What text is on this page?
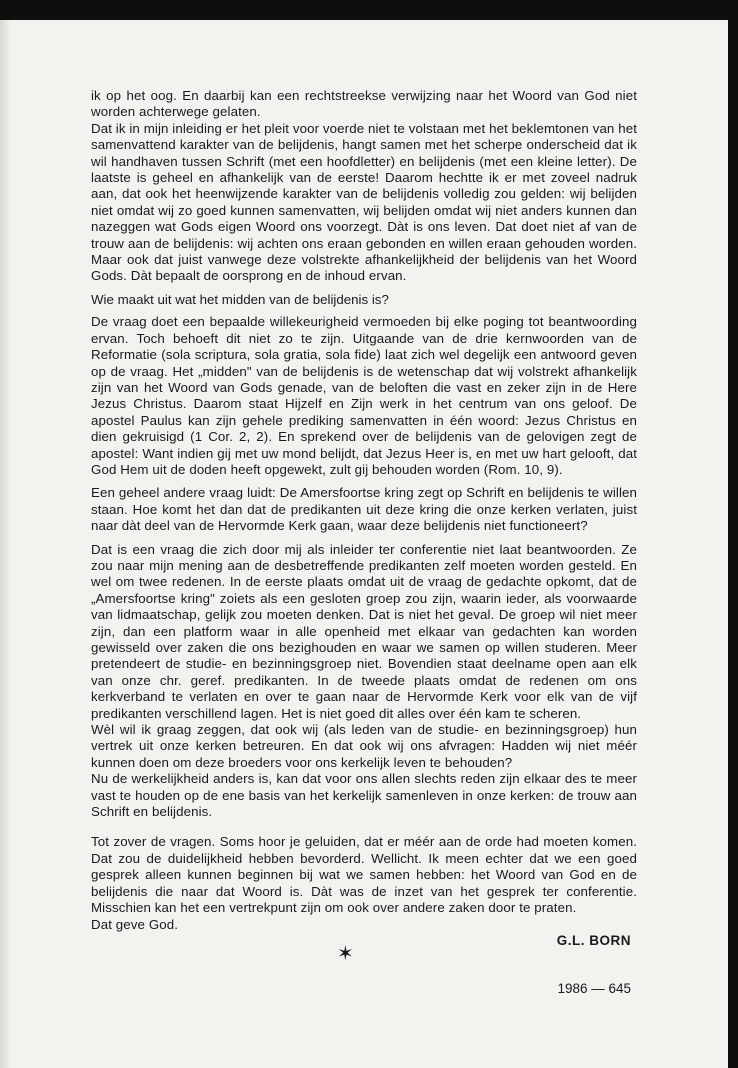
ik op het oog. En daarbij kan een rechtstreekse verwijzing naar het Woord van God niet worden achterwege gelaten.

Dat ik in mijn inleiding er het pleit voor voerde niet te volstaan met het beklemtonen van het samenvattend karakter van de belijdenis, hangt samen met het scherpe onderscheid dat ik wil handhaven tussen Schrift (met een hoofdletter) en belijdenis (met een kleine letter). De laatste is geheel en afhankelijk van de eerste! Daarom hechtte ik er met zoveel nadruk aan, dat ook het heenwijzende karakter van de belijdenis volledig zou gelden: wij belijden niet omdat wij zo goed kunnen samenvatten, wij belijden omdat wij niet anders kunnen dan nazeggen wat Gods eigen Woord ons voorzegt. Dàt is ons leven. Dat doet niet af van de trouw aan de belijdenis: wij achten ons eraan gebonden en willen eraan gehouden worden. Maar ook dat juist vanwege deze volstrekte afhankelijkheid der belijdenis van het Woord Gods. Dàt bepaalt de oorsprong en de inhoud ervan.

Wie maakt uit wat het midden van de belijdenis is?

De vraag doet een bepaalde willekeurigheid vermoeden bij elke poging tot beantwoording ervan. Toch behoeft dit niet zo te zijn. Uitgaande van de drie kernwoorden van de Reformatie (sola scriptura, sola gratia, sola fide) laat zich wel degelijk een antwoord geven op de vraag. Het „midden" van de belijdenis is de wetenschap dat wij volstrekt afhankelijk zijn van het Woord van Gods genade, van de beloften die vast en zeker zijn in de Here Jezus Christus. Daarom staat Hijzelf en Zijn werk in het centrum van ons geloof. De apostel Paulus kan zijn gehele prediking samenvatten in één woord: Jezus Christus en dien gekruisigd (1 Cor. 2, 2). En sprekend over de belijdenis van de gelovigen zegt de apostel: Want indien gij met uw mond belijdt, dat Jezus Heer is, en met uw hart gelooft, dat God Hem uit de doden heeft opgewekt, zult gij behouden worden (Rom. 10, 9).

Een geheel andere vraag luidt: De Amersfoortse kring zegt op Schrift en belijdenis te willen staan. Hoe komt het dan dat de predikanten uit deze kring die onze kerken verlaten, juist naar dàt deel van de Hervormde Kerk gaan, waar deze belijdenis niet functioneert?

Dat is een vraag die zich door mij als inleider ter conferentie niet laat beantwoorden. Ze zou naar mijn mening aan de desbetreffende predikanten zelf moeten worden gesteld. En wel om twee redenen. In de eerste plaats omdat uit de vraag de gedachte opkomt, dat de „Amersfoortse kring" zoiets als een gesloten groep zou zijn, waarin ieder, als voorwaarde van lidmaatschap, gelijk zou moeten denken. Dat is niet het geval. De groep wil niet meer zijn, dan een platform waar in alle openheid met elkaar van gedachten kan worden gewisseld over zaken die ons bezighouden en waar we samen op willen studeren. Meer pretendeert de studie- en bezinningsgroep niet. Bovendien staat deelname open aan elk van onze chr. geref. predikanten. In de tweede plaats omdat de redenen om ons kerkverband te verlaten en over te gaan naar de Hervormde Kerk voor elk van de vijf predikanten verschillend lagen. Het is niet goed dit alles over één kam te scheren.

Wèl wil ik graag zeggen, dat ook wij (als leden van de studie- en bezinningsgroep) hun vertrek uit onze kerken betreuren. En dat ook wij ons afvragen: Hadden wij niet méér kunnen doen om deze broeders voor ons kerkelijk leven te behouden?

Nu de werkelijkheid anders is, kan dat voor ons allen slechts reden zijn elkaar des te meer vast te houden op de ene basis van het kerkelijk samenleven in onze kerken: de trouw aan Schrift en belijdenis.

Tot zover de vragen. Soms hoor je geluiden, dat er méér aan de orde had moeten komen. Dat zou de duidelijkheid hebben bevorderd. Wellicht. Ik meen echter dat we een goed gesprek alleen kunnen beginnen bij wat we samen hebben: het Woord van God en de belijdenis die naar dat Woord is. Dàt was de inzet van het gesprek ter conferentie. Misschien kan het een vertrekpunt zijn om ook over andere zaken door te praten.

Dat geve God.

✶
G.L. BORN
1986 — 645
